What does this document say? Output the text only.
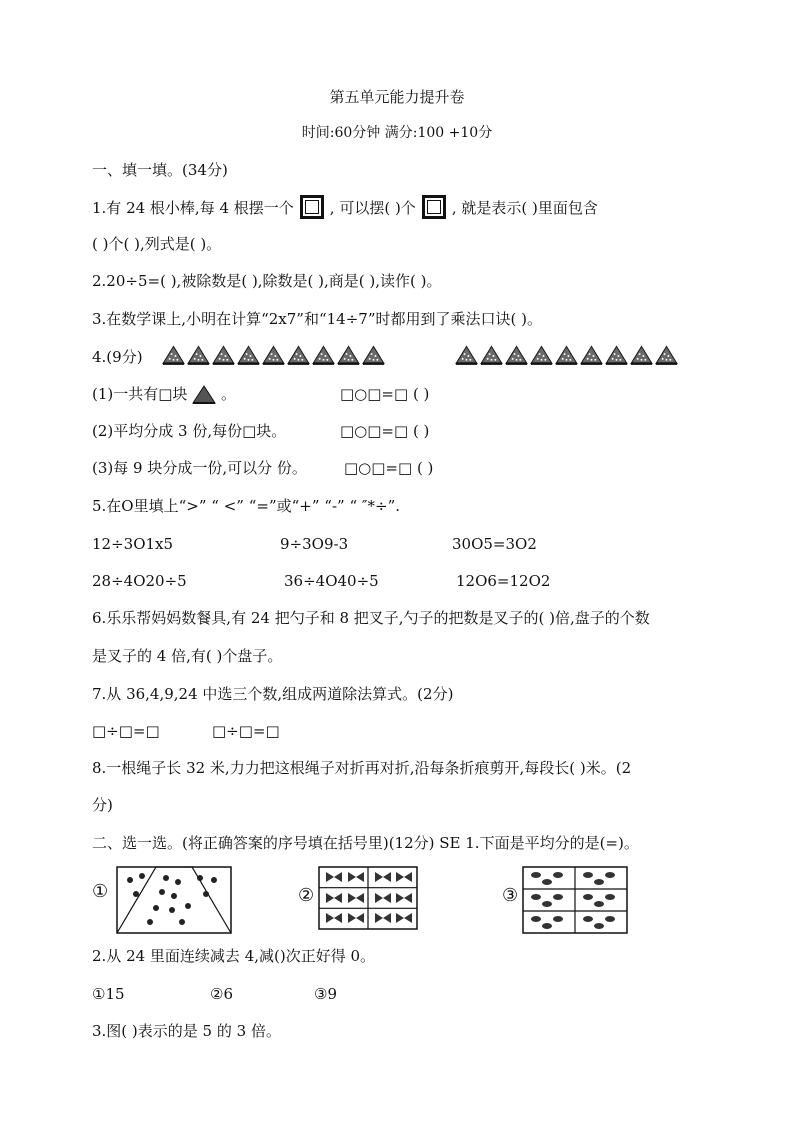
第五单元能力提升卷
时间:60分钟 满分:100 +10分
一、填一填。(34分)
1.有 24 根小棒,每 4 根摆一个 , 可以摆( )个 , 就是表示( )里面包含
( )个( ),列式是( )。
2.20÷5=( ),被除数是( ),除数是( ),商是( ),读作( )。
3.在数学课上,小明在计算“2x7”和“14÷7”时都用到了乘法口诀( )。
4.(9分)
(1)一共有□块 。	□○□=□ ( )
(2)平均分成 3 份,每份□块。	□○□=□ ( )
(3)每 9 块分成一份,可以分 份。 □○□=□ ( )
5.在O里填上“>” “ <” “=”或“+” “-” “ ″*÷”.
12÷3O1x5	9÷3O9-3	30O5=3O2
28÷4O20÷5	36÷4O40÷5	12O6=12O2
6.乐乐帮妈妈数餐具,有 24 把勺子和 8 把叉子,勺子的把数是叉子的( )倍,盘子的个数
是叉子的 4 倍,有( )个盘子。
7.从 36,4,9,24 中选三个数,组成两道除法算式。(2分)
□÷□=□	□÷□=□
8.一根绳子长 32 米,力力把这根绳子对折再对折,沿每条折痕剪开,每段长( )米。(2
分)
二、选一选。(将正确答案的序号填在括号里)(12分) SE 1.下面是平均分的是(=)。
①	②	③
2.从 24 里面连续减去 4,减()次正好得 0。
①15	②6	③9
3.图( )表示的是 5 的 3 倍。
